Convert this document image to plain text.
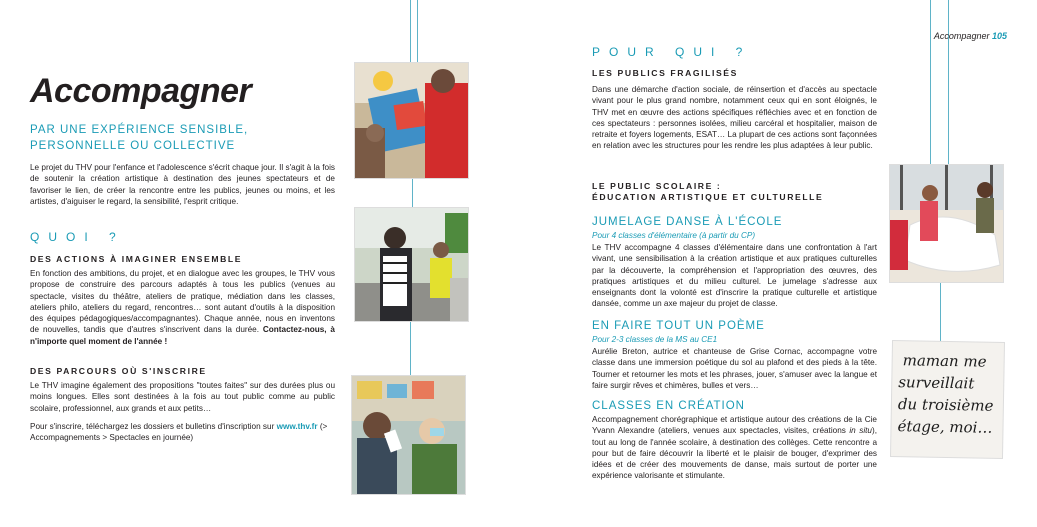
Accompagner 105
Accompagner
PAR UNE EXPÉRIENCE SENSIBLE, PERSONNELLE OU COLLECTIVE
Le projet du THV pour l'enfance et l'adolescence s'écrit chaque jour. Il s'agit à la fois de soutenir la création artistique à destination des jeunes spectateurs et de favoriser le lien, de créer la rencontre entre les publics, jeunes ou moins, et les artistes, d'aiguiser le regard, la sensibilité, l'esprit critique.
QUOI ?
DES ACTIONS À IMAGINER ENSEMBLE
En fonction des ambitions, du projet, et en dialogue avec les groupes, le THV vous propose de construire des parcours adaptés à tous les publics (venues au spectacle, visites du théâtre, ateliers de pratique, médiation dans les classes, ateliers philo, ateliers du regard, rencontres… sont autant d'outils à la disposition des équipes pédagogiques/accompagnantes). Chaque année, nous en inventons de nouvelles, tandis que d'autres s'inscrivent dans la durée. Contactez-nous, à n'importe quel moment de l'année !
DES PARCOURS OÙ S'INSCRIRE
Le THV imagine également des propositions "toutes faites" sur des durées plus ou moins longues. Elles sont destinées à la fois au tout public comme au public scolaire, professionnel, aux grands et aux petits…
Pour s'inscrire, téléchargez les dossiers et bulletins d'inscription sur www.thv.fr (> Accompagnements > Spectacles en journée)
POUR QUI ?
LES PUBLICS FRAGILISÉS
Dans une démarche d'action sociale, de réinsertion et d'accès au spectacle vivant pour le plus grand nombre, notamment ceux qui en sont éloignés, le THV met en œuvre des actions spécifiques réfléchies avec et en fonction de ces spectateurs : personnes isolées, milieu carcéral et hospitalier, maison de retraite et foyers logements, ESAT… La plupart de ces actions sont façonnées en relation avec les structures pour les rendre les plus adaptées à leur public.
LE PUBLIC SCOLAIRE :
ÉDUCATION ARTISTIQUE ET CULTURELLE
JUMELAGE DANSE À L'ÉCOLE
Pour 4 classes d'élémentaire (à partir du CP)
Le THV accompagne 4 classes d'élémentaire dans une confrontation à l'art vivant, une sensibilisation à la création artistique et aux pratiques culturelles par la découverte, la compréhension et l'appropriation des œuvres, des pratiques artistiques et du milieu culturel. Le jumelage s'adresse aux enseignants dont la volonté est d'inscrire la pratique culturelle et artistique dansée, comme un axe majeur du projet de classe.
EN FAIRE TOUT UN POÈME
Pour 2-3 classes de la MS au CE1
Aurélie Breton, autrice et chanteuse de Grise Cornac, accompagne votre classe dans une immersion poétique du sol au plafond et des pieds à la tête. Tourner et retourner les mots et les phrases, jouer, s'amuser avec la langue et faire surgir rêves et chimères, bulles et vers…
CLASSES EN CRÉATION
Accompagnement chorégraphique et artistique autour des créations de la Cie Yvann Alexandre (ateliers, venues aux spectacles, visites, créations in situ), tout au long de l'année scolaire, à destination des collèges. Cette rencontre a pour but de faire découvrir la liberté et le plaisir de bouger, d'exprimer des idées et de créer des mouvements de danse, mais surtout de porter une expérience valorisante et stimulante.
maman me
surveillait
du troisième
étage, moi…
